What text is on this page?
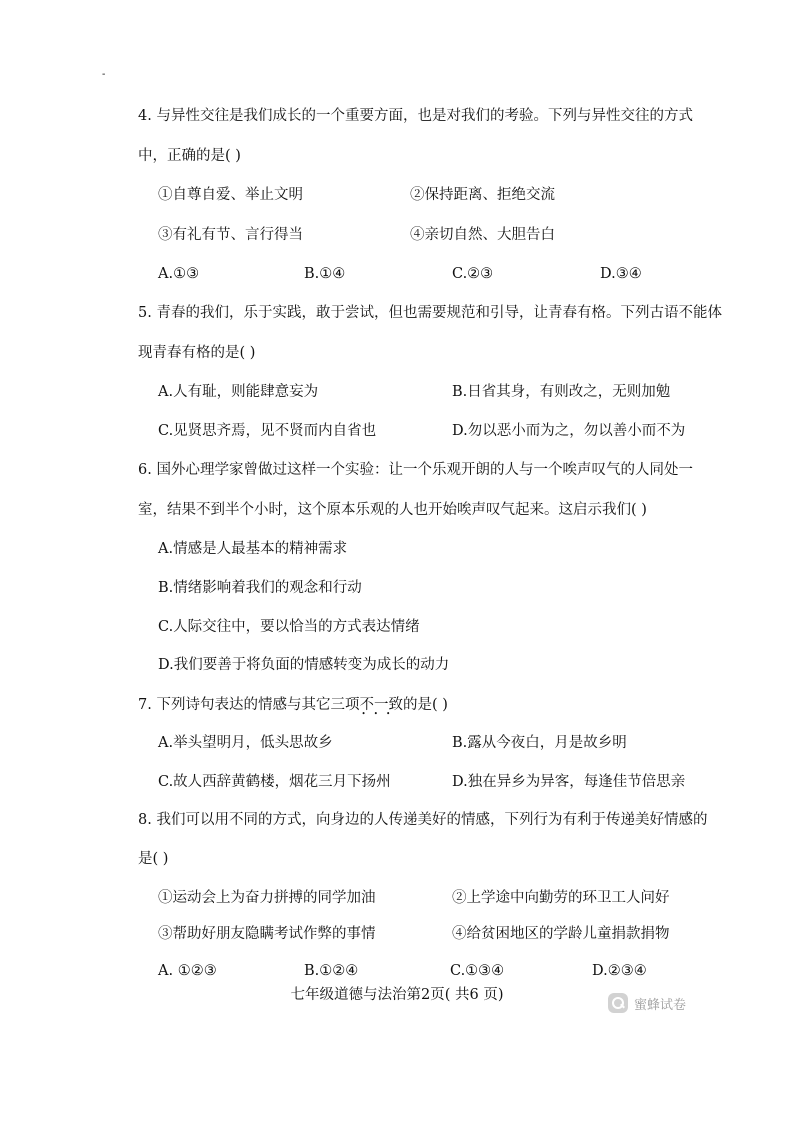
-
4. 与异性交往是我们成长的一个重要方面，也是对我们的考验。下列与异性交往的方式
中，正确的是( )
①自尊自爱、举止文明	②保持距离、拒绝交流
③有礼有节、言行得当	④亲切自然、大胆告白
A.①③	B.①④	C.②③	D.③④
5. 青春的我们，乐于实践，敢于尝试，但也需要规范和引导，让青春有格。下列古语不能体
现青春有格的是( )
A.人有耻，则能肆意妄为	B.日省其身，有则改之，无则加勉
C.见贤思齐焉，见不贤而内自省也	D.勿以恶小而为之，勿以善小而不为
6. 国外心理学家曾做过这样一个实验：让一个乐观开朗的人与一个唉声叹气的人同处一
室，结果不到半个小时，这个原本乐观的人也开始唉声叹气起来。这启示我们( )
A.情感是人最基本的精神需求
B.情绪影响着我们的观念和行动
C.人际交往中，要以恰当的方式表达情绪
D.我们要善于将负面的情感转变为成长的动力
7. 下列诗句表达的情感与其它三项不一致 • • •的是( )
A.举头望明月，低头思故乡	B.露从今夜白，月是故乡明
C.故人西辞黄鹤楼，烟花三月下扬州	D.独在异乡为异客，每逢佳节倍思亲
8. 我们可以用不同的方式，向身边的人传递美好的情感，下列行为有利于传递美好情感的
是( )
①运动会上为奋力拼搏的同学加油	②上学途中向勤劳的环卫工人问好
③帮助好朋友隐瞒考试作弊的事情	④给贫困地区的学龄儿童捐款捐物
A. ①②③	B.①②④	C.①③④	D.②③④
七年级道德与法治第2页( 共6 页)
蜜蜂试卷
